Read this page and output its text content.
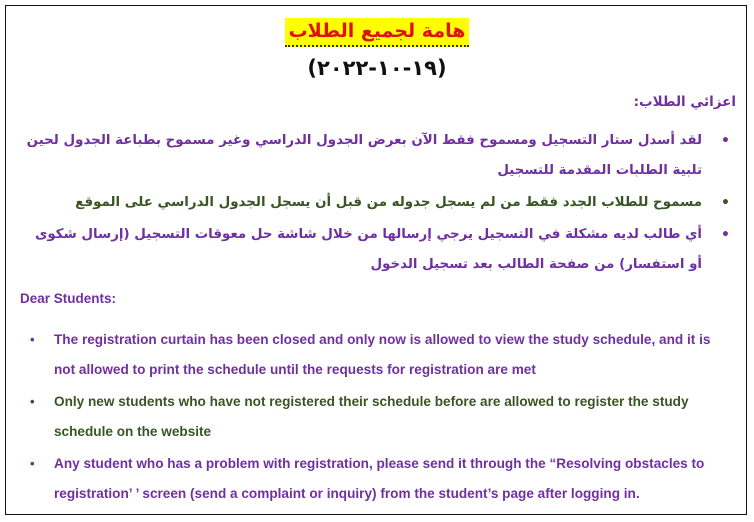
هامة لجميع الطلاب
(١٩-١٠-٢٠٢٢)
اعزائي الطلاب:
•
لقد أسدل ستار التسجيل ومسموح فقط الآن بعرض الجدول الدراسي وغير مسموح بطباعة الجدول لحين تلبية الطلبات المقدمة للتسجيل
•
مسموح للطلاب الجدد فقط من لم يسجل جدوله من قبل أن يسجل الجدول الدراسي على الموقع
•
أي طالب لديه مشكلة في التسجيل يرجي إرسالها من خلال شاشة حل معوقات التسجيل (إرسال شكوى أو استفسار) من صفحة الطالب بعد تسجيل الدخول
Dear Students:
• The registration curtain has been closed and only now is allowed to view the study schedule, and it is not allowed to print the schedule until the requests for registration are met
• Only new students who have not registered their schedule before are allowed to register the study schedule on the website
• Any student who has a problem with registration, please send it through the “Resolving obstacles to registration’ ’ screen (send a complaint or inquiry) from the student’s page after logging in.
